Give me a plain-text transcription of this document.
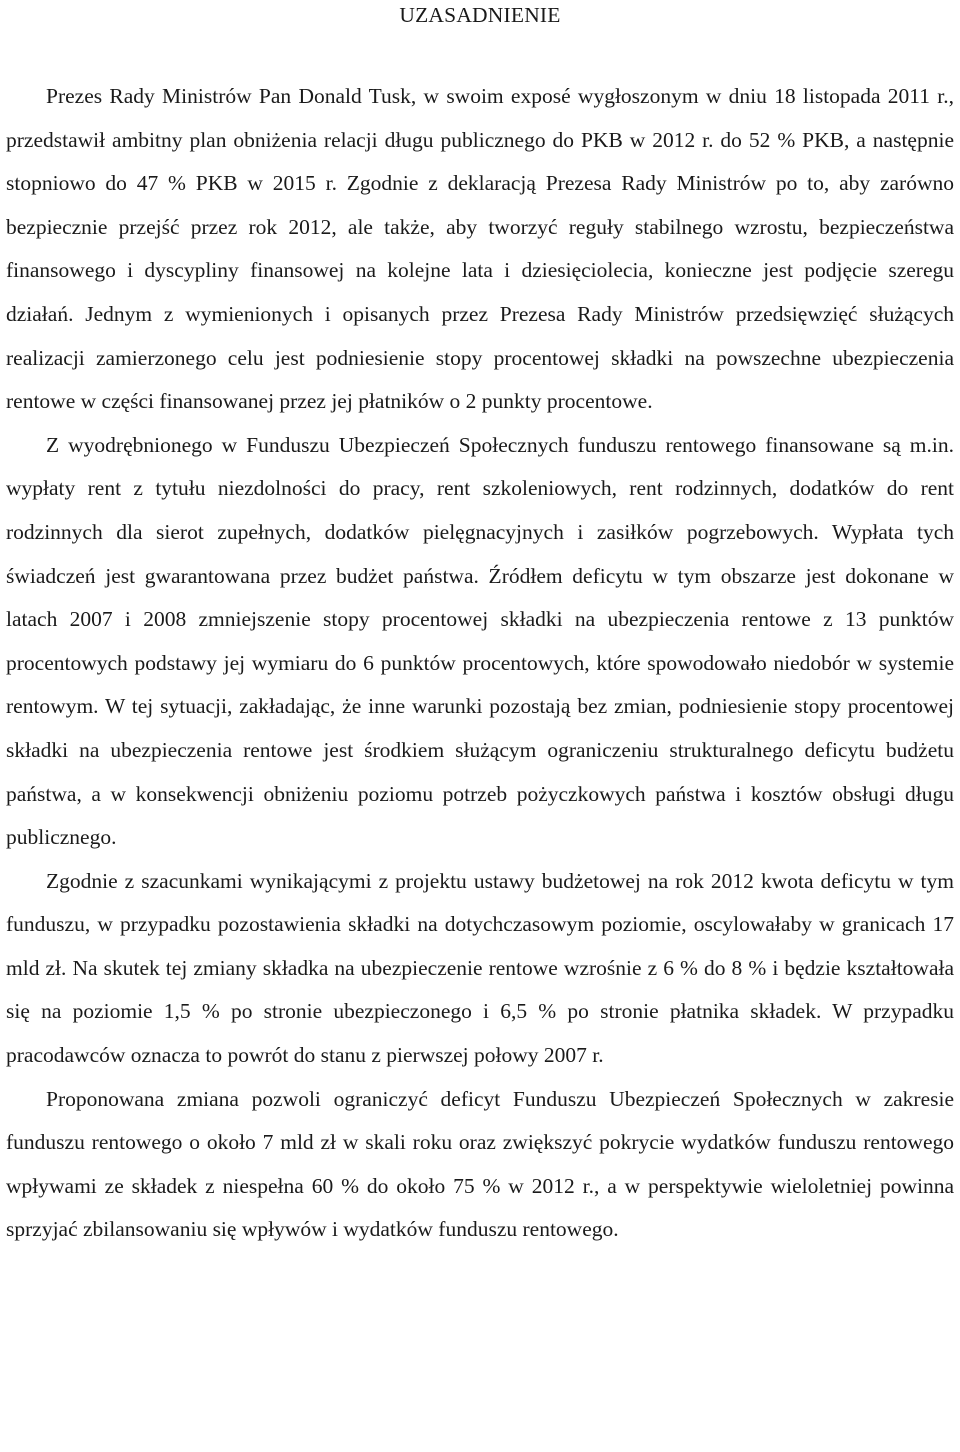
UZASADNIENIE

Prezes Rady Ministrów Pan Donald Tusk, w swoim exposé wygłoszonym w dniu 18 listopada 2011 r., przedstawił ambitny plan obniżenia relacji długu publicznego do PKB w 2012 r. do 52 % PKB, a następnie stopniowo do 47 % PKB w 2015 r. Zgodnie z deklaracją Prezesa Rady Ministrów po to, aby zarówno bezpiecznie przejść przez rok 2012, ale także, aby tworzyć reguły stabilnego wzrostu, bezpieczeństwa finansowego i dyscypliny finansowej na kolejne lata i dziesięciolecia, konieczne jest podjęcie szeregu działań. Jednym z wymienionych i opisanych przez Prezesa Rady Ministrów przedsięwzięć służących realizacji zamierzonego celu jest podniesienie stopy procentowej składki na powszechne ubezpieczenia rentowe w części finansowanej przez jej płatników o 2 punkty procentowe.

Z wyodrębnionego w Funduszu Ubezpieczeń Społecznych funduszu rentowego finansowane są m.in. wypłaty rent z tytułu niezdolności do pracy, rent szkoleniowych, rent rodzinnych, dodatków do rent rodzinnych dla sierot zupełnych, dodatków pielęgnacyjnych i zasiłków pogrzebowych. Wypłata tych świadczeń jest gwarantowana przez budżet państwa. Źródłem deficytu w tym obszarze jest dokonane w latach 2007 i 2008 zmniejszenie stopy procentowej składki na ubezpieczenia rentowe z 13 punktów procentowych podstawy jej wymiaru do 6 punktów procentowych, które spowodowało niedobór w systemie rentowym. W tej sytuacji, zakładając, że inne warunki pozostają bez zmian, podniesienie stopy procentowej składki na ubezpieczenia rentowe jest środkiem służącym ograniczeniu strukturalnego deficytu budżetu państwa, a w konsekwencji obniżeniu poziomu potrzeb pożyczkowych państwa i kosztów obsługi długu publicznego.

Zgodnie z szacunkami wynikającymi z projektu ustawy budżetowej na rok 2012 kwota deficytu w tym funduszu, w przypadku pozostawienia składki na dotychczasowym poziomie, oscylowałaby w granicach 17 mld zł. Na skutek tej zmiany składka na ubezpieczenie rentowe wzrośnie z 6 % do 8 % i będzie kształtowała się na poziomie 1,5 % po stronie ubezpieczonego i 6,5 % po stronie płatnika składek. W przypadku pracodawców oznacza to powrót do stanu z pierwszej połowy 2007 r.

Proponowana zmiana pozwoli ograniczyć deficyt Funduszu Ubezpieczeń Społecznych w zakresie funduszu rentowego o około 7 mld zł w skali roku oraz zwiększyć pokrycie wydatków funduszu rentowego wpływami ze składek z niespełna 60 % do około 75 % w 2012 r., a w perspektywie wieloletniej powinna sprzyjać zbilansowaniu się wpływów i wydatków funduszu rentowego.
